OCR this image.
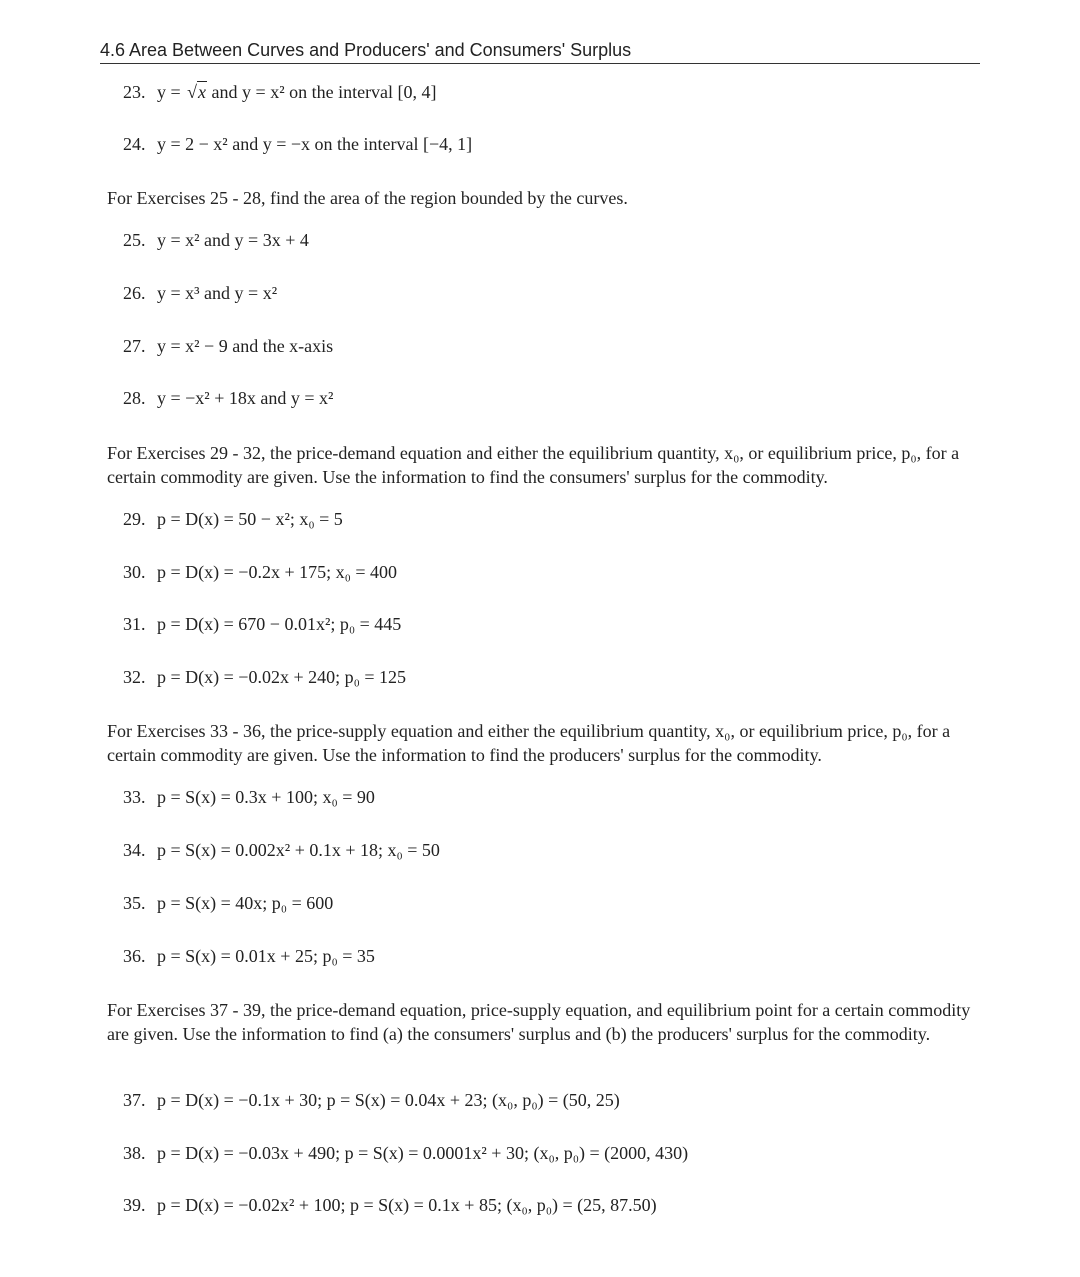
4.6 Area Between Curves and Producers' and Consumers' Surplus
23. y = √x and y = x² on the interval [0, 4]
24. y = 2 − x² and y = −x on the interval [−4, 1]
For Exercises 25 - 28, find the area of the region bounded by the curves.
25. y = x² and y = 3x + 4
26. y = x³ and y = x²
27. y = x² − 9 and the x-axis
28. y = −x² + 18x and y = x²
For Exercises 29 - 32, the price-demand equation and either the equilibrium quantity, x₀, or equilibrium price, p₀, for a certain commodity are given. Use the information to find the consumers' surplus for the commodity.
29. p = D(x) = 50 − x²; x₀ = 5
30. p = D(x) = −0.2x + 175; x₀ = 400
31. p = D(x) = 670 − 0.01x²; p₀ = 445
32. p = D(x) = −0.02x + 240; p₀ = 125
For Exercises 33 - 36, the price-supply equation and either the equilibrium quantity, x₀, or equilibrium price, p₀, for a certain commodity are given. Use the information to find the producers' surplus for the commodity.
33. p = S(x) = 0.3x + 100; x₀ = 90
34. p = S(x) = 0.002x² + 0.1x + 18; x₀ = 50
35. p = S(x) = 40x; p₀ = 600
36. p = S(x) = 0.01x + 25; p₀ = 35
For Exercises 37 - 39, the price-demand equation, price-supply equation, and equilibrium point for a certain commodity are given. Use the information to find (a) the consumers' surplus and (b) the producers' surplus for the commodity.
37. p = D(x) = −0.1x + 30; p = S(x) = 0.04x + 23; (x₀, p₀) = (50, 25)
38. p = D(x) = −0.03x + 490; p = S(x) = 0.0001x² + 30; (x₀, p₀) = (2000, 430)
39. p = D(x) = −0.02x² + 100; p = S(x) = 0.1x + 85; (x₀, p₀) = (25, 87.50)
